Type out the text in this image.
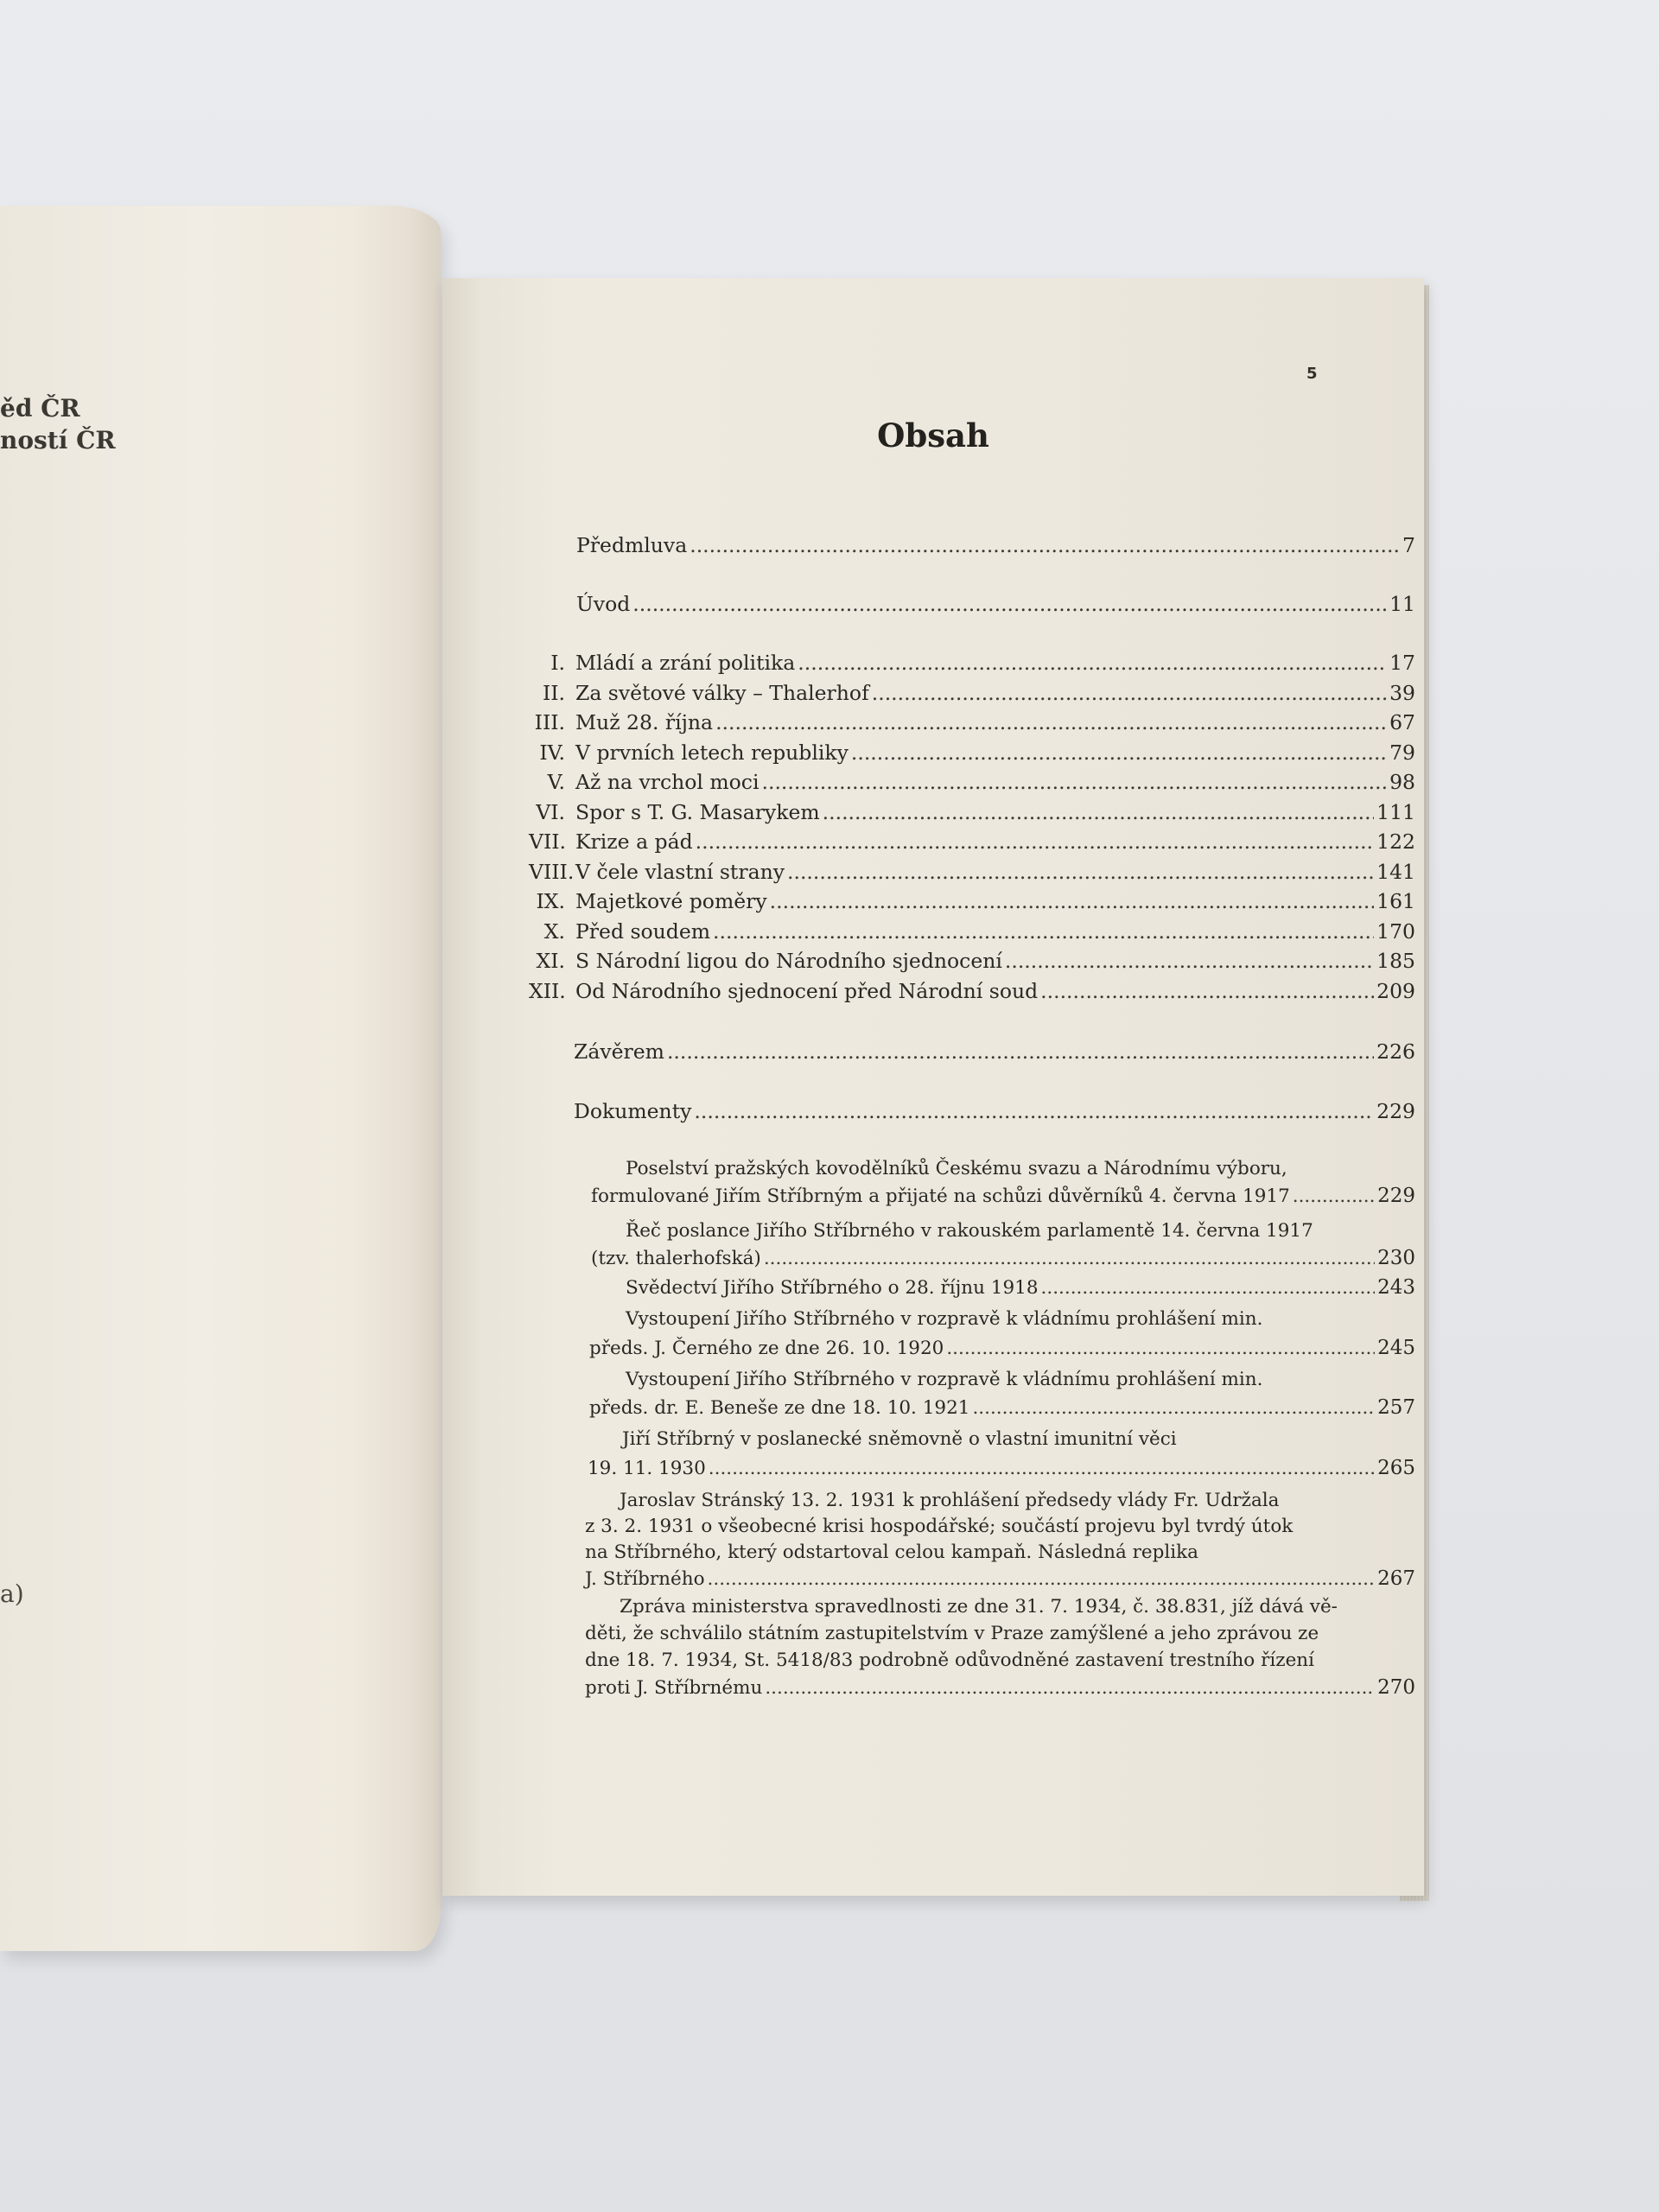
ěd ČR
ností ČR
a)
5
Obsah
Předmluva .....	7
Úvod .....	11
I. Mládí a zrání politika .....	17
II. Za světové války – Thalerhof .....	39
III. Muž 28. října .....	67
IV. V prvních letech republiky .....	79
V. Až na vrchol moci .....	98
VI. Spor s T. G. Masarykem .....	111
VII. Krize a pád .....	122
VIII. V čele vlastní strany .....	141
IX. Majetkové poměry .....	161
X. Před soudem .....	170
XI. S Národní ligou do Národního sjednocení .....	185
XII. Od Národního sjednocení před Národní soud .....	209
Závěrem .....	226
Dokumenty .....	229
Poselství pražských kovodělníků Českému svazu a Národnímu výboru,
formulované Jiřím Stříbrným a přijaté na schůzi důvěrníků 4. června 1917 .....	229
Řeč poslance Jiřího Stříbrného v rakouském parlamentě 14. června 1917
(tzv. thalerhofská) .....	230
Svědectví Jiřího Stříbrného o 28. říjnu 1918 .....	243
Vystoupení Jiřího Stříbrného v rozpravě k vládnímu prohlášení min.
předs. J. Černého ze dne 26. 10. 1920 .....	245
Vystoupení Jiřího Stříbrného v rozpravě k vládnímu prohlášení min.
předs. dr. E. Beneše ze dne 18. 10. 1921 .....	257
Jiří Stříbrný v poslanecké sněmovně o vlastní imunitní věci
19. 11. 1930 .....	265
Jaroslav Stránský 13. 2. 1931 k prohlášení předsedy vlády Fr. Udržala
z 3. 2. 1931 o všeobecné krisi hospodářské; součástí projevu byl tvrdý útok
na Stříbrného, který odstartoval celou kampaň. Následná replika
J. Stříbrného .....	267
Zpráva ministerstva spravedlnosti ze dne 31. 7. 1934, č. 38.831, jíž dává vě-
děti, že schválilo státním zastupitelstvím v Praze zamýšlené a jeho zprávou ze
dne 18. 7. 1934, St. 5418/83 podrobně odůvodněné zastavení trestního řízení
proti J. Stříbrnému .....	270
